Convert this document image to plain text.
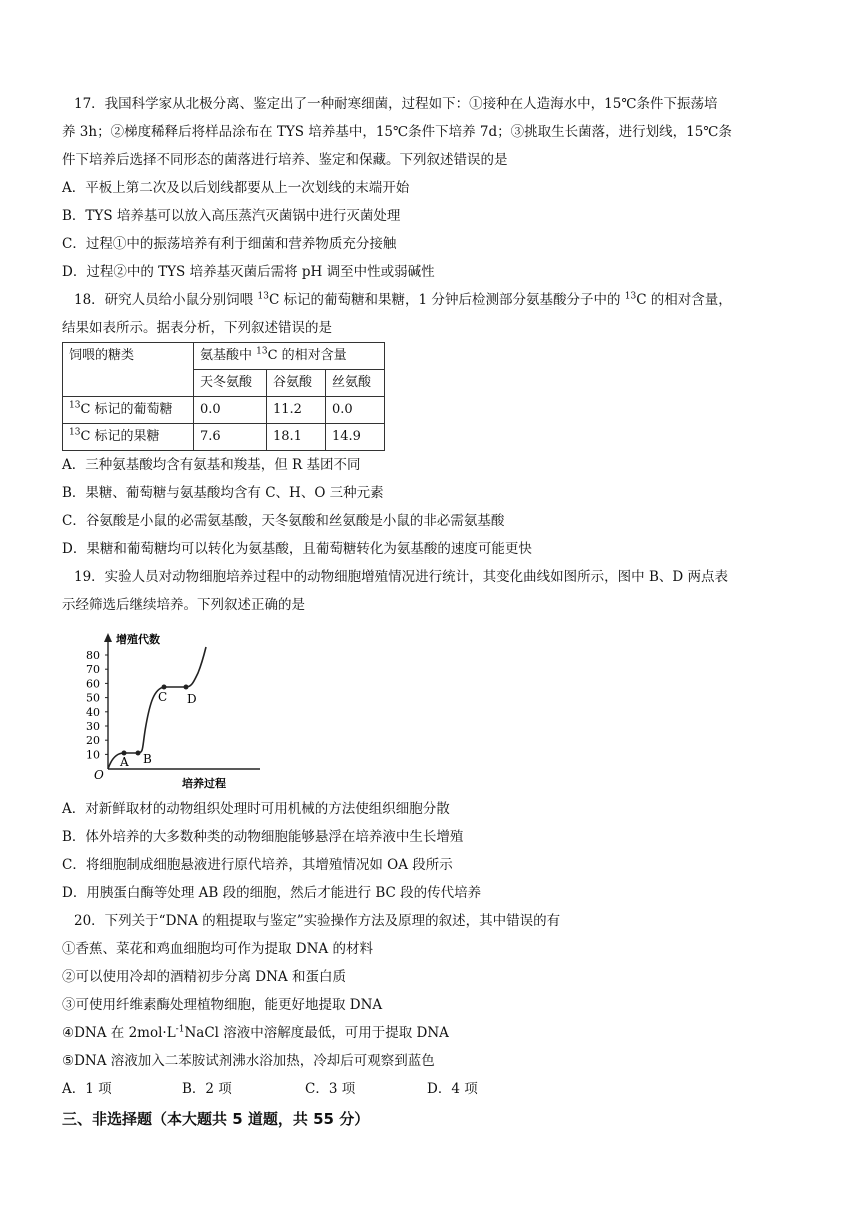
17．我国科学家从北极分离、鉴定出了一种耐寒细菌，过程如下：①接种在人造海水中，15℃条件下振荡培
养 3h；②梯度稀释后将样品涂布在 TYS 培养基中，15℃条件下培养 7d；③挑取生长菌落，进行划线，15℃条
件下培养后选择不同形态的菌落进行培养、鉴定和保藏。下列叙述错误的是
A．平板上第二次及以后划线都要从上一次划线的末端开始
B．TYS 培养基可以放入高压蒸汽灭菌锅中进行灭菌处理
C．过程①中的振荡培养有利于细菌和营养物质充分接触
D．过程②中的 TYS 培养基灭菌后需将 pH 调至中性或弱碱性
18．研究人员给小鼠分别饲喂 $^{13}$C 标记的葡萄糖和果糖，1 分钟后检测部分氨基酸分子中的 $^{13}$C 的相对含量，
结果如表所示。据表分析，下列叙述错误的是
饲喂的糖类	氨基酸中 $^{13}$C 的相对含量		
	天冬氨酸	谷氨酸	丝氨酸
$^{13}$C 标记的葡萄糖	0.0	11.2	0.0
$^{13}$C 标记的果糖	7.6	18.1	14.9
A．三种氨基酸均含有氨基和羧基，但 R 基团不同
B．果糖、葡萄糖与氨基酸均含有 C、H、O 三种元素
C．谷氨酸是小鼠的必需氨基酸，天冬氨酸和丝氨酸是小鼠的非必需氨基酸
D．果糖和葡萄糖均可以转化为氨基酸，且葡萄糖转化为氨基酸的速度可能更快
19．实验人员对动物细胞培养过程中的动物细胞增殖情况进行统计，其变化曲线如图所示，图中 B、D 两点表
示经筛选后继续培养。下列叙述正确的是
80
70
60
50
40
30
20
10
A B
C D
O
增殖代数
培养过程
A．对新鲜取材的动物组织处理时可用机械的方法使组织细胞分散
B．体外培养的大多数种类的动物细胞能够悬浮在培养液中生长增殖
C．将细胞制成细胞悬液进行原代培养，其增殖情况如 OA 段所示
D．用胰蛋白酶等处理 AB 段的细胞，然后才能进行 BC 段的传代培养
20．下列关于“DNA 的粗提取与鉴定”实验操作方法及原理的叙述，其中错误的有
①香蕉、菜花和鸡血细胞均可作为提取 DNA 的材料
②可以使用冷却的酒精初步分离 DNA 和蛋白质
③可使用纤维素酶处理植物细胞，能更好地提取 DNA
④DNA 在 $2mol\cdot L^{-1}NaCl$ 溶液中溶解度最低，可用于提取 DNA
⑤DNA 溶液加入二苯胺试剂沸水浴加热，冷却后可观察到蓝色
A．1 项	B．2 项	C．3 项	D．4 项
三、非选择题（本大题共 5 道题，共 55 分）
